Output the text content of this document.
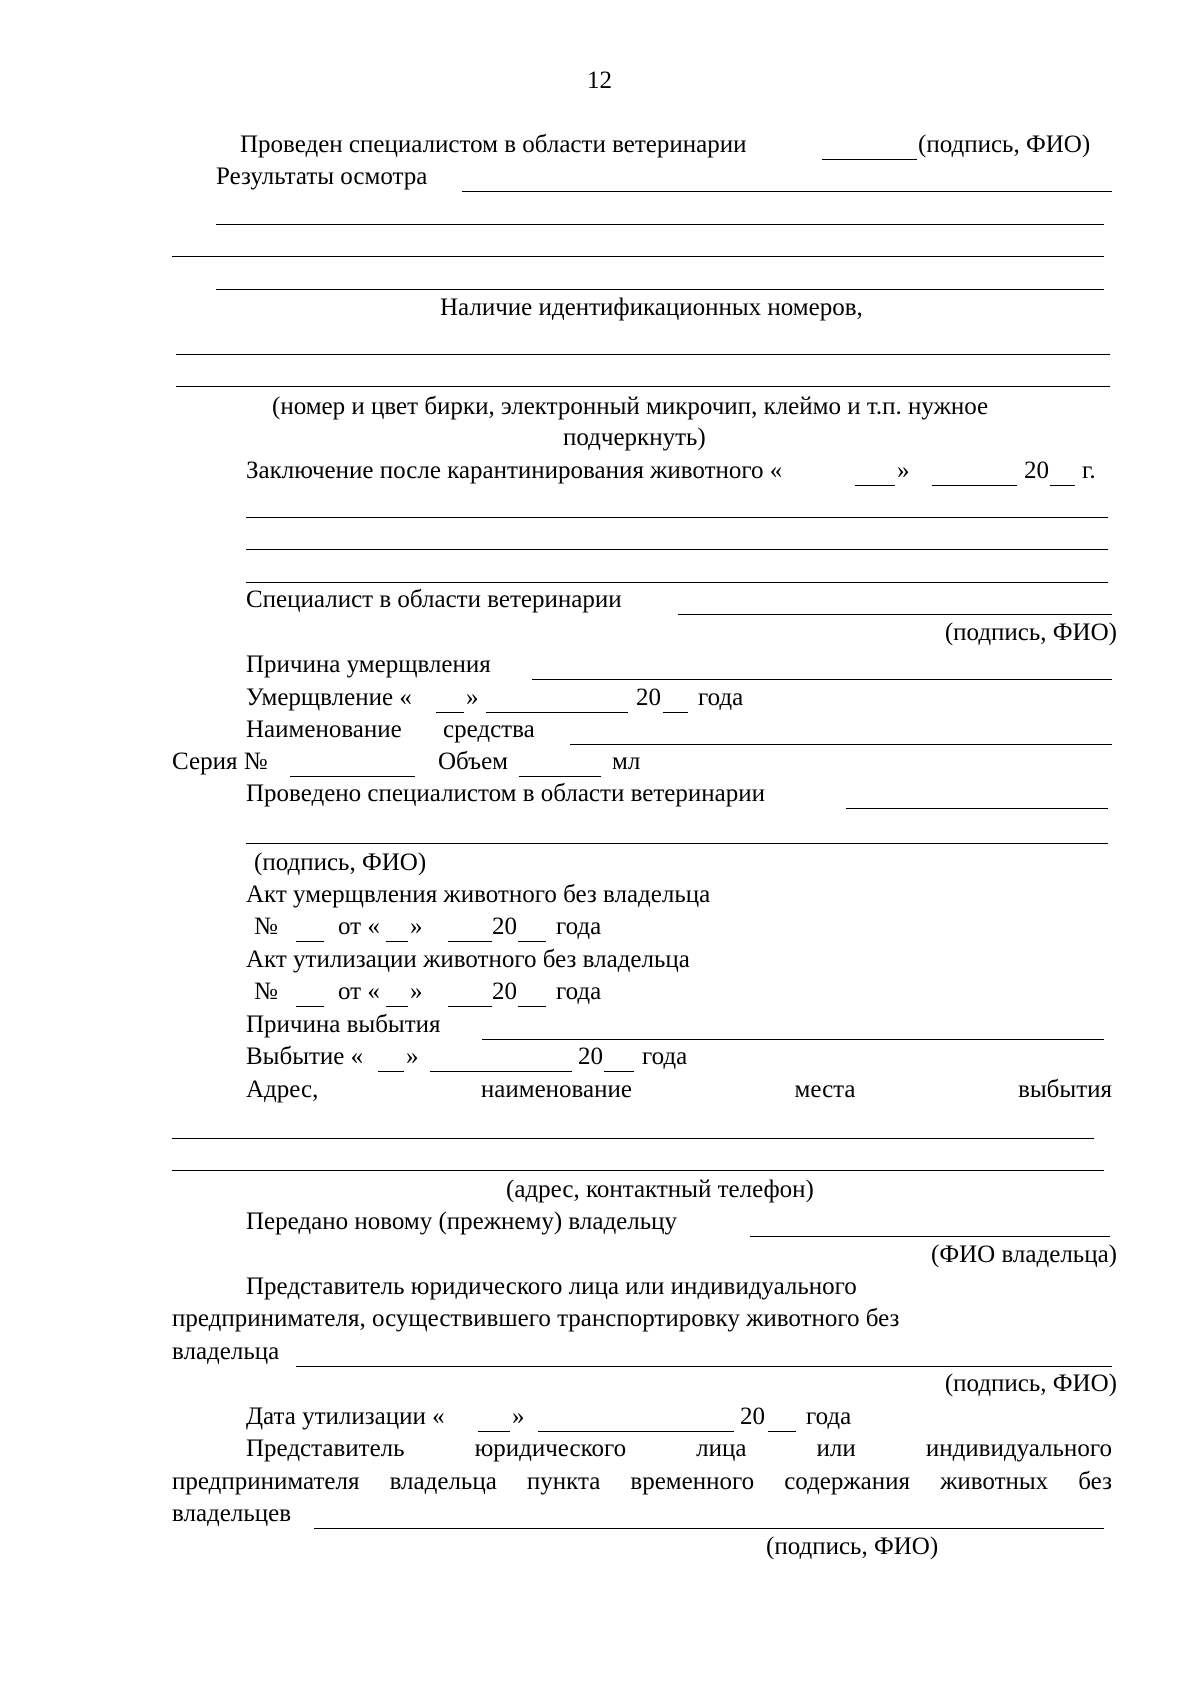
12
Проведен специалистом в области ветеринарии	(подпись, ФИО)
Результаты осмотра
Наличие идентификационных номеров,
(номер и цвет бирки, электронный микрочип, клеймо и т.п. нужное
подчеркнуть)
Заключение после карантинирования животного «	»	20 г.
Специалист в области ветеринарии
(подпись, ФИО)
Причина умерщвления
Умерщвление « »	20 года
Наименование средства
Серия №	Объем	мл
Проведено специалистом в области ветеринарии
(подпись, ФИО)
Акт умерщвления животного без владельца
№ от « »	20 года
Акт утилизации животного без владельца
№ от « »	20 года
Причина выбытия
Выбытие « »	20 года
Адрес,	наименование	места	выбытия
(адрес, контактный телефон)
Передано новому (прежнему) владельцу
(ФИО владельца)
Представитель юридического лица или индивидуального
предпринимателя, осуществившего транспортировку животного без
владельца
(подпись, ФИО)
Дата утилизации «	»	20 года
Представитель	юридического	лица	или	индивидуального
предпринимателя владельца пункта временного содержания животных без
владельцев
(подпись, ФИО)
